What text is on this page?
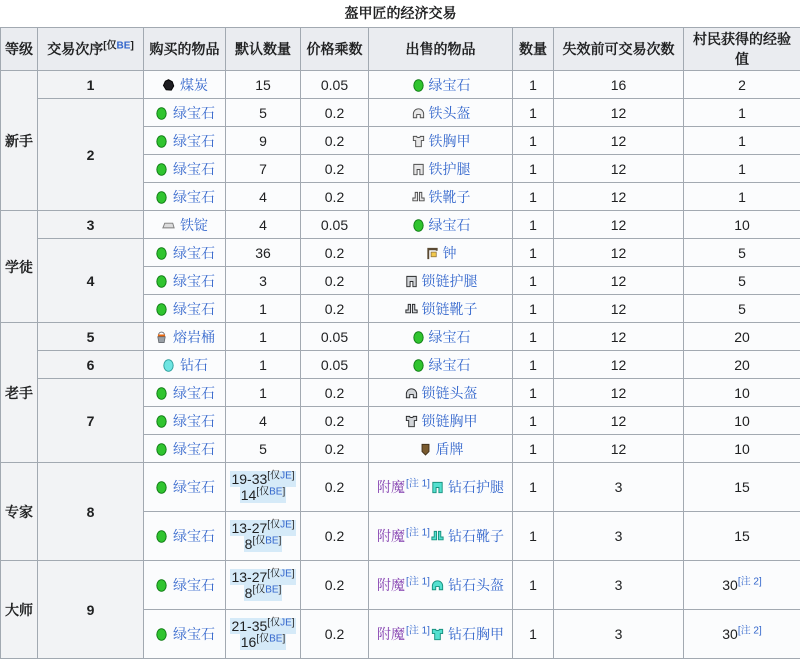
盔甲匠的经济交易
等级	交易次序[仅BE]	购买的物品	默认数量	价格乘数	出售的物品	数量	失效前可交易次数	村民获得的经验值
新手	1	煤炭	15	0.05	绿宝石	1	16	2
	2	绿宝石	5	0.2	铁头盔	1	12	1
		绿宝石	9	0.2	铁胸甲	1	12	1
		绿宝石	7	0.2	铁护腿	1	12	1
		绿宝石	4	0.2	铁靴子	1	12	1
学徒	3	铁锭	4	0.05	绿宝石	1	12	10
	4	绿宝石	36	0.2	钟	1	12	5
		绿宝石	3	0.2	锁链护腿	1	12	5
		绿宝石	1	0.2	锁链靴子	1	12	5
老手	5	熔岩桶	1	0.05	绿宝石	1	12	20
	6	钻石	1	0.05	绿宝石	1	12	20
	7	绿宝石	1	0.2	锁链头盔	1	12	10
		绿宝石	4	0.2	锁链胸甲	1	12	10
		绿宝石	5	0.2	盾牌	1	12	10
专家	8	绿宝石	19-33[仅JE]
14[仅BE]	0.2	附魔[注 1] 钻石护腿	1	3	15
		绿宝石	13-27[仅JE]
8[仅BE]	0.2	附魔[注 1] 钻石靴子	1	3	15
大师	9	绿宝石	13-27[仅JE]
8[仅BE]	0.2	附魔[注 1] 钻石头盔	1	3	30[注 2]
		绿宝石	21-35[仅JE]
16[仅BE]	0.2	附魔[注 1] 钻石胸甲	1	3	30[注 2]
